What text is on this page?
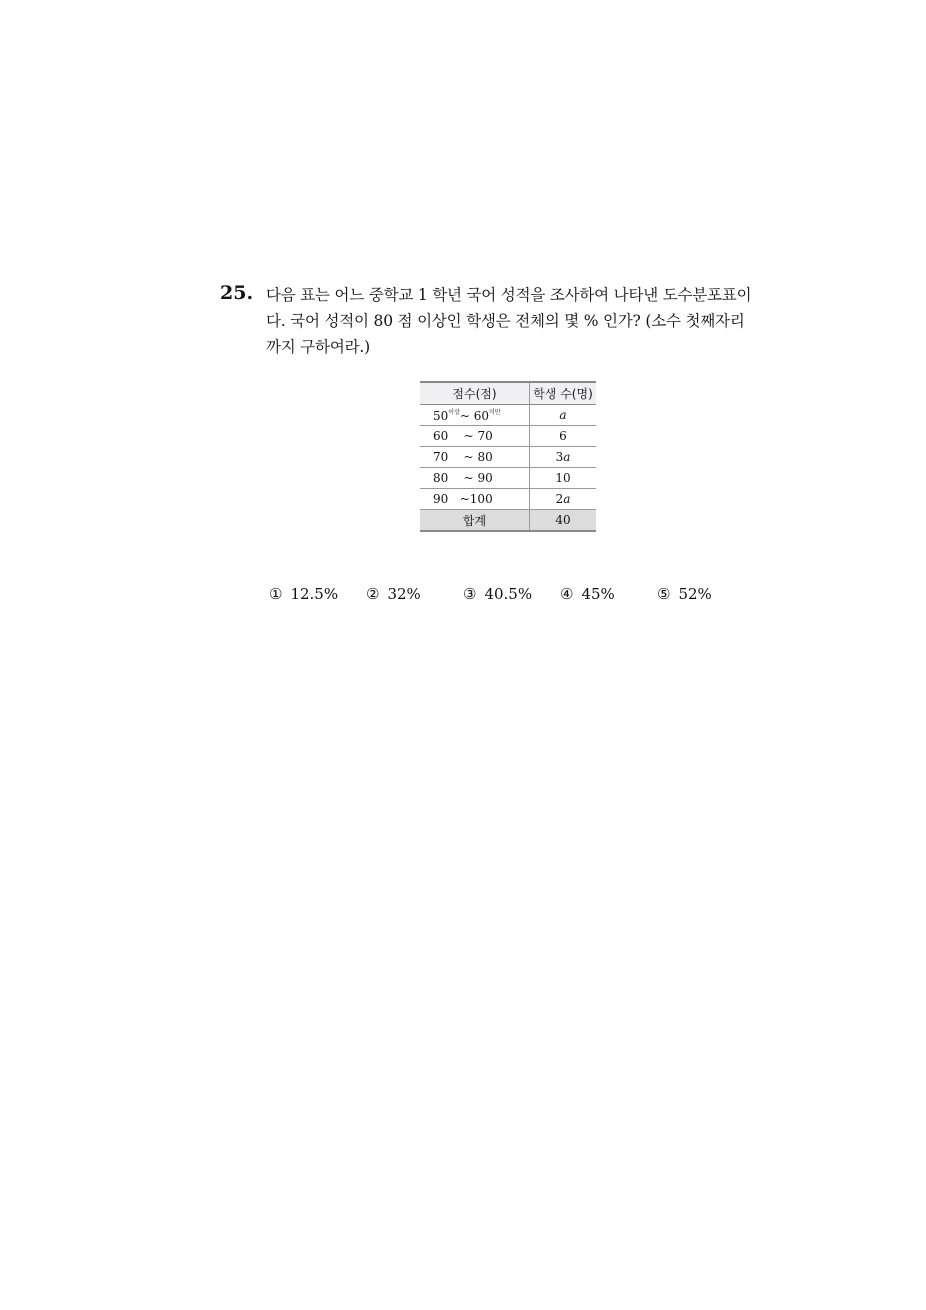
25. 다음 표는 어느 중학교 1 학년 국어 성적을 조사하여 나타낸 도수분포표이
다. 국어 성적이 80 점 이상인 학생은 전체의 몇 % 인가? (소수 첫째자리
까지 구하여라.)
점수(점)	학생 수(명)
$50^{이상}\sim$ $60^{미만}$	a
60 ~ 70	6
70 ~ 80	3a
80 ~ 90	10
90 ~100	2a
합계	40
① 12.5% ② 32%	③ 40.5% ④ 45%	⑤ 52%
